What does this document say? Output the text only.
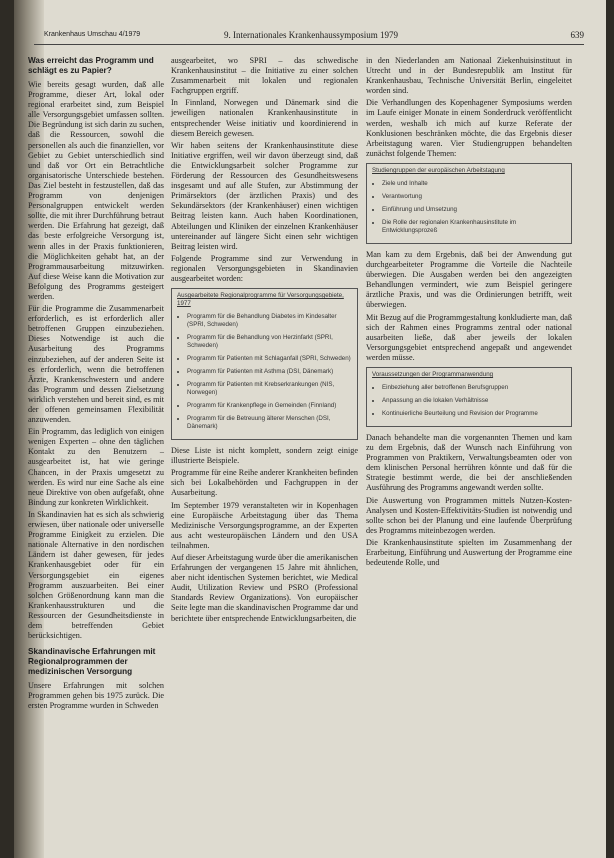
Krankenhaus Umschau 4/1979	9. Internationales Krankenhaussymposium 1979	639
Was erreicht das Programm und schlägt es zu Papier?

Wie bereits gesagt wurden, daß alle Programme, dieser Art, lokal oder regional erarbeitet sind, zum Beispiel alle Versorgungsgebiet umfassen sollten. Die Begründung ist sich darin zu suchen, daß die Ressourcen, sowohl die personellen als auch die finanziellen, vor Gebiet zu Gebiet unterschiedlich sind und daß vor Ort ein Betrachtliche organisatorische Unterschiede bestehen. Das Ziel besteht in festzustellen, daß das Programm von denjenigen Personalgruppen entwickelt werden sollte, die mit ihrer Durchführung betraut werden. Die Erfahrung hat gezeigt, daß das beste erfolgreiche Versorgung ist, wenn alles in der Praxis funktionieren, die Möglichkeiten gehabt hat, an der Programmausarbeitung mitzuwirken. Auf diese Weise kann die Motivation zur Befolgung des Programms gesteigert werden.

Für die Programme die Zusammenarbeit erforderlich, es ist erforderlich aller betroffenen Gruppen einzubeziehen. Dieses Notwendige ist auch die Ausarbeitung des Programms einzubeziehen, auf der anderen Seite ist es erforderlich, wenn die betroffenen Ärzte, Krankenschwestern und andere das Programm und dessen Zielsetzung wirklich verstehen und bereit sind, es mit der offenen gemeinsamen Flexibilität anzuwenden.

Ein Programm, das lediglich von einigen wenigen Experten – ohne den täglichen Kontakt zu den Benutzern – ausgearbeitet ist, hat wie geringe Chancen, in der Praxis umgesetzt zu werden. Es wird nur eine Sache als eine neue Direktive von oben aufgefaßt, ohne Bindung zur konkreten Wirklichkeit.

In Skandinavien hat es sich als schwierig erwiesen, über nationale oder universelle Programme Einigkeit zu erzielen. Die nationale Alternative in den nordischen Ländern ist daher gewesen, für jedes Krankenhausgebiet oder für ein Versorgungsgebiet ein eigenes Programm auszuarbeiten. Bei einer solchen Größenordnung kann man die Krankenhausstrukturen und die Ressourcen der Gesundheitsdienste in dem betreffenden Gebiet berücksichtigen.

Skandinavische Erfahrungen mit Regionalprogrammen der medizinischen Versorgung

Unsere Erfahrungen mit solchen Programmen gehen bis 1975 zurück. Die ersten Programme wurden in Schweden

ausgearbeitet, wo SPRI – das schwedische Krankenhausinstitut – die Initiative zu einer solchen Zusammenarbeit mit lokalen und regionalen Fachgruppen ergriff.

In Finnland, Norwegen und Dänemark sind die jeweiligen nationalen Krankenhausinstitute in entsprechender Weise initiativ und koordinierend in diesem Bereich gewesen.

Wir haben seitens der Krankenhausinstitute diese Initiative ergriffen, weil wir davon überzeugt sind, daß die Entwicklungsarbeit solcher Programme zur Förderung der Ressourcen des Gesundheitswesens insgesamt und auf alle Stufen, zur Abstimmung der Primärsektors (der ärztlichen Praxis) und des Sekundärsektors (der Krankenhäuser) einen wichtigen Beitrag leisten kann. Auch haben Koordinationen, Abteilungen und Kliniken der einzelnen Krankenhäuser untereinander auf längere Sicht einen sehr wichtigen Beitrag leisten wird.

Folgende Programme sind zur Verwendung in regionalen Versorgungsgebieten in Skandinavien ausgearbeitet worden:

Ausgearbeitete Regionalprogramme für Versorgungsgebiete, 1977
• Programm für die Behandlung Diabetes im Kindesalter (SPRI, Schweden)
• Programm für die Behandlung von Herzinfarkt (SPRI, Schweden)
• Programm für Patienten mit Schlaganfall (SPRI, Schweden)
• Programm für Patienten mit Asthma (DSI, Dänemark)
• Programm für Patienten mit Krebserkrankungen (NIS, Norwegen)
• Programm für Krankenpflege in Gemeinden (Finnland)
• Programm für die Betreuung älterer Menschen (DSI, Dänemark)

Diese Liste ist nicht komplett, sondern zeigt einige illustrierte Beispiele.

Programme für eine Reihe anderer Krankheiten befinden sich bei Lokalbehörden und Fachgruppen in der Ausarbeitung.

Im September 1979 veranstalteten wir in Kopenhagen eine Europäische Arbeitstagung über das Thema Medizinische Versorgungsprogramme, an der Experten aus acht westeuropäischen Ländern und den USA teilnahmen.

Auf dieser Arbeitstagung wurde über die amerikanischen Erfahrungen der vergangenen 15 Jahre mit ähnlichen, aber nicht identischen Systemen berichtet, wie Medical Audit, Utilization Review und PSRO (Professional Standards Review Organizations). Von europäischer Seite legte man die skandinavischen Programme dar und berichtete über entsprechende Entwicklungsarbeiten, die

in den Niederlanden am Nationaal Ziekenhuisinstituut in Utrecht und in der Bundesrepublik am Institut für Krankenhausbau, Technische Universität Berlin, eingeleitet worden sind.

Die Verhandlungen des Kopenhagener Symposiums werden im Laufe einiger Monate in einem Sonderdruck veröffentlicht werden, weshalb ich mich auf kurze Referate der Konklusionen beschränken möchte, die das Ergebnis dieser Arbeitstagung waren. Vier Studiengruppen behandelten zunächst folgende Themen:

Studiengruppen der europäischen Arbeitstagung
• Ziele und Inhalte
• Verantwortung
• Einführung und Umsetzung
• Die Rolle der regionalen Krankenhausinstitute im Entwicklungsprozeß

Man kam zu dem Ergebnis, daß bei der Anwendung gut durchgearbeiteter Programme die Vorteile die Nachteile überwiegen. Die Ausgaben werden bei den angezeigten Behandlungen vermindert, wie zum Beispiel geringere ärztliche Praxis, und was die Ordinierungen betrifft, weit überwiegen.

Mit Bezug auf die Programmgestaltung konkludierte man, daß sich der Rahmen eines Programms zentral oder national ausarbeiten ließe, daß aber jeweils der lokalen Versorgungsgebiet entsprechend angepaßt und angewendet werden müsse.

Voraussetzungen der Programmanwendung
• Einbeziehung aller betroffenen Berufsgruppen
• Anpassung an die lokalen Verhältnisse
• Kontinuierliche Beurteilung und Revision der Programme

Danach behandelte man die vorgenannten Themen und kam zu dem Ergebnis, daß der Wunsch nach Einführung von Programmen von Praktikern, Verwaltungsbeamten oder von dem klinischen Personal herrühren könnte und daß für die Strategie bestimmt werde, die bei der anschließenden Ausführung des Programms angewandt werden sollte.

Die Auswertung von Programmen mittels Nutzen-Kosten-Analysen und Kosten-Effektivitäts-Studien ist notwendig und sollte schon bei der Planung und eine laufende Überprüfung des Programms miteinbezogen werden.

Die Krankenhausinstitute spielten im Zusammenhang der Erarbeitung, Einführung und Auswertung der Programme eine bedeutende Rolle, und
